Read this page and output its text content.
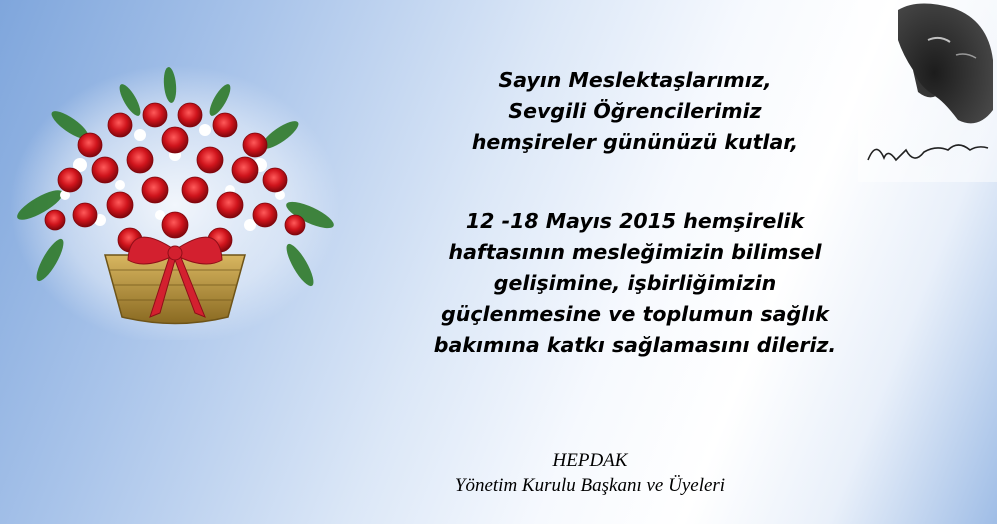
Sayın Meslektaşlarımız,
Sevgili Öğrencilerimiz
hemşireler gününüzü kutlar,

12 -18 Mayıs 2015 hemşirelik
haftasının mesleğimizin bilimsel
gelişimine, işbirliğimizin
güçlenmesine ve toplumun sağlık
bakımına katkı sağlamasını dileriz.

HEPDAK
Yönetim Kurulu Başkanı ve Üyeleri
